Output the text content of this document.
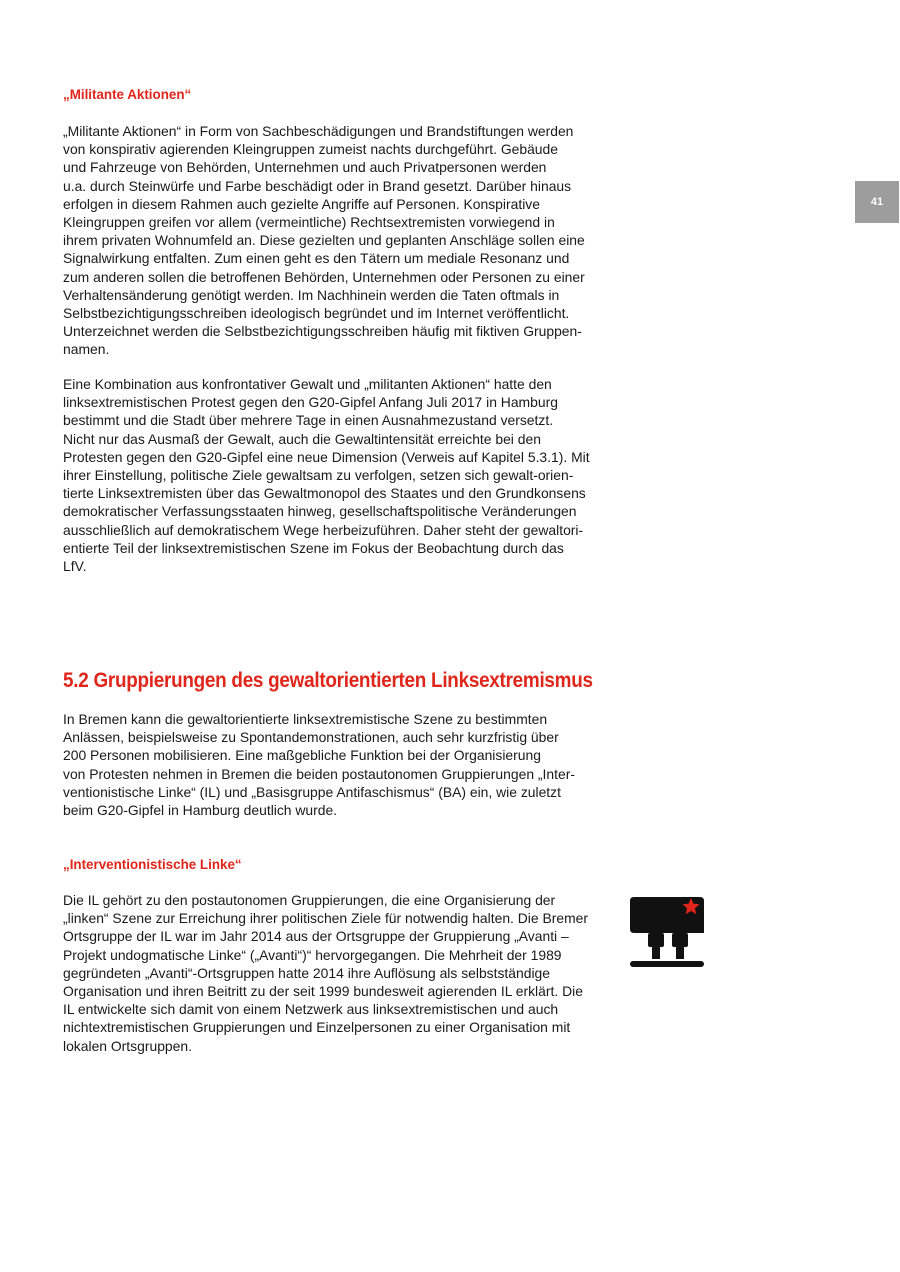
41
„Militante Aktionen“
„Militante Aktionen“ in Form von Sachbeschädigungen und Brandstiftungen werden
von konspirativ agierenden Kleingruppen zumeist nachts durchgeführt. Gebäude
und Fahrzeuge von Behörden, Unternehmen und auch Privatpersonen werden
u.a. durch Steinwürfe und Farbe beschädigt oder in Brand gesetzt. Darüber hinaus
erfolgen in diesem Rahmen auch gezielte Angriffe auf Personen. Konspirative
Kleingruppen greifen vor allem (vermeintliche) Rechtsextremisten vorwiegend in
ihrem privaten Wohnumfeld an. Diese gezielten und geplanten Anschläge sollen eine
Signalwirkung entfalten. Zum einen geht es den Tätern um mediale Resonanz und
zum anderen sollen die betroffenen Behörden, Unternehmen oder Personen zu einer
Verhaltensänderung genötigt werden. Im Nachhinein werden die Taten oftmals in
Selbstbezichtigungsschreiben ideologisch begründet und im Internet veröffentlicht.
Unterzeichnet werden die Selbstbezichtigungsschreiben häufig mit fiktiven Gruppen-
namen.
Eine Kombination aus konfrontativer Gewalt und „militanten Aktionen“ hatte den
linksextremistischen Protest gegen den G20-Gipfel Anfang Juli 2017 in Hamburg
bestimmt und die Stadt über mehrere Tage in einen Ausnahmezustand versetzt.
Nicht nur das Ausmaß der Gewalt, auch die Gewaltintensität erreichte bei den
Protesten gegen den G20-Gipfel eine neue Dimension (Verweis auf Kapitel 5.3.1). Mit
ihrer Einstellung, politische Ziele gewaltsam zu verfolgen, setzen sich gewalt-orien-
tierte Linksextremisten über das Gewaltmonopol des Staates und den Grundkonsens
demokratischer Verfassungsstaaten hinweg, gesellschaftspolitische Veränderungen
ausschließlich auf demokratischem Wege herbeizuführen. Daher steht der gewaltori-
entierte Teil der linksextremistischen Szene im Fokus der Beobachtung durch das
LfV.
5.2 Gruppierungen des gewaltorientierten Linksextremismus
In Bremen kann die gewaltorientierte linksextremistische Szene zu bestimmten
Anlässen, beispielsweise zu Spontandemonstrationen, auch sehr kurzfristig über
200 Personen mobilisieren. Eine maßgebliche Funktion bei der Organisierung
von Protesten nehmen in Bremen die beiden postautonomen Gruppierungen „Inter-
ventionistische Linke“ (IL) und „Basisgruppe Antifaschismus“ (BA) ein, wie zuletzt
beim G20-Gipfel in Hamburg deutlich wurde.
„Interventionistische Linke“
Die IL gehört zu den postautonomen Gruppierungen, die eine Organisierung der
„linken“ Szene zur Erreichung ihrer politischen Ziele für notwendig halten. Die Bremer
Ortsgruppe der IL war im Jahr 2014 aus der Ortsgruppe der Gruppierung „Avanti –
Projekt undogmatische Linke“ („Avanti“)“ hervorgegangen. Die Mehrheit der 1989
gegründeten „Avanti“-Ortsgruppen hatte 2014 ihre Auflösung als selbstständige
Organisation und ihren Beitritt zu der seit 1999 bundesweit agierenden IL erklärt. Die
IL entwickelte sich damit von einem Netzwerk aus linksextremistischen und auch
nichtextremistischen Gruppierungen und Einzelpersonen zu einer Organisation mit
lokalen Ortsgruppen.
